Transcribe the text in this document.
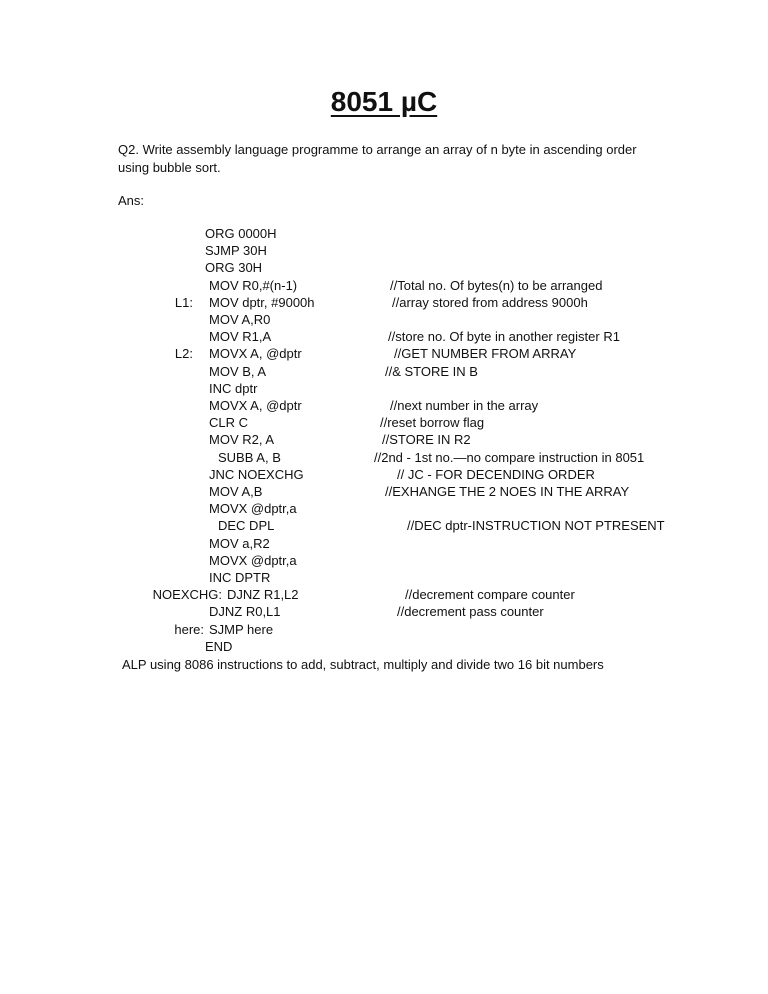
8051 µC
Q2. Write assembly language programme to arrange an array of n byte in ascending order using bubble sort.
Ans:
ORG 0000H
SJMP 30H
ORG 30H
MOV R0,#(n-1)	//Total no. Of bytes(n) to be arranged
L1: MOV dptr, #9000h	//array stored from address 9000h
MOV A,R0
MOV R1,A	//store no. Of byte in another register R1
L2: MOVX A, @dptr	//GET NUMBER FROM ARRAY
MOV B, A	//& STORE IN B
INC dptr
MOVX A, @dptr	//next number in the array
CLR C	//reset borrow flag
MOV R2, A	//STORE IN R2
SUBB A, B	//2nd - 1st no.—no compare instruction in 8051
JNC NOEXCHG	// JC - FOR DECENDING ORDER
MOV A,B	//EXHANGE THE 2 NOES IN THE ARRAY
MOVX @dptr,a
DEC DPL	//DEC dptr-INSTRUCTION NOT PTRESENT
MOV a,R2
MOVX @dptr,a
INC DPTR
NOEXCHG: DJNZ R1,L2	//decrement compare counter
DJNZ R0,L1	//decrement pass counter
here: SJMP here
END
ALP using 8086 instructions to add, subtract, multiply and divide two 16 bit numbers
